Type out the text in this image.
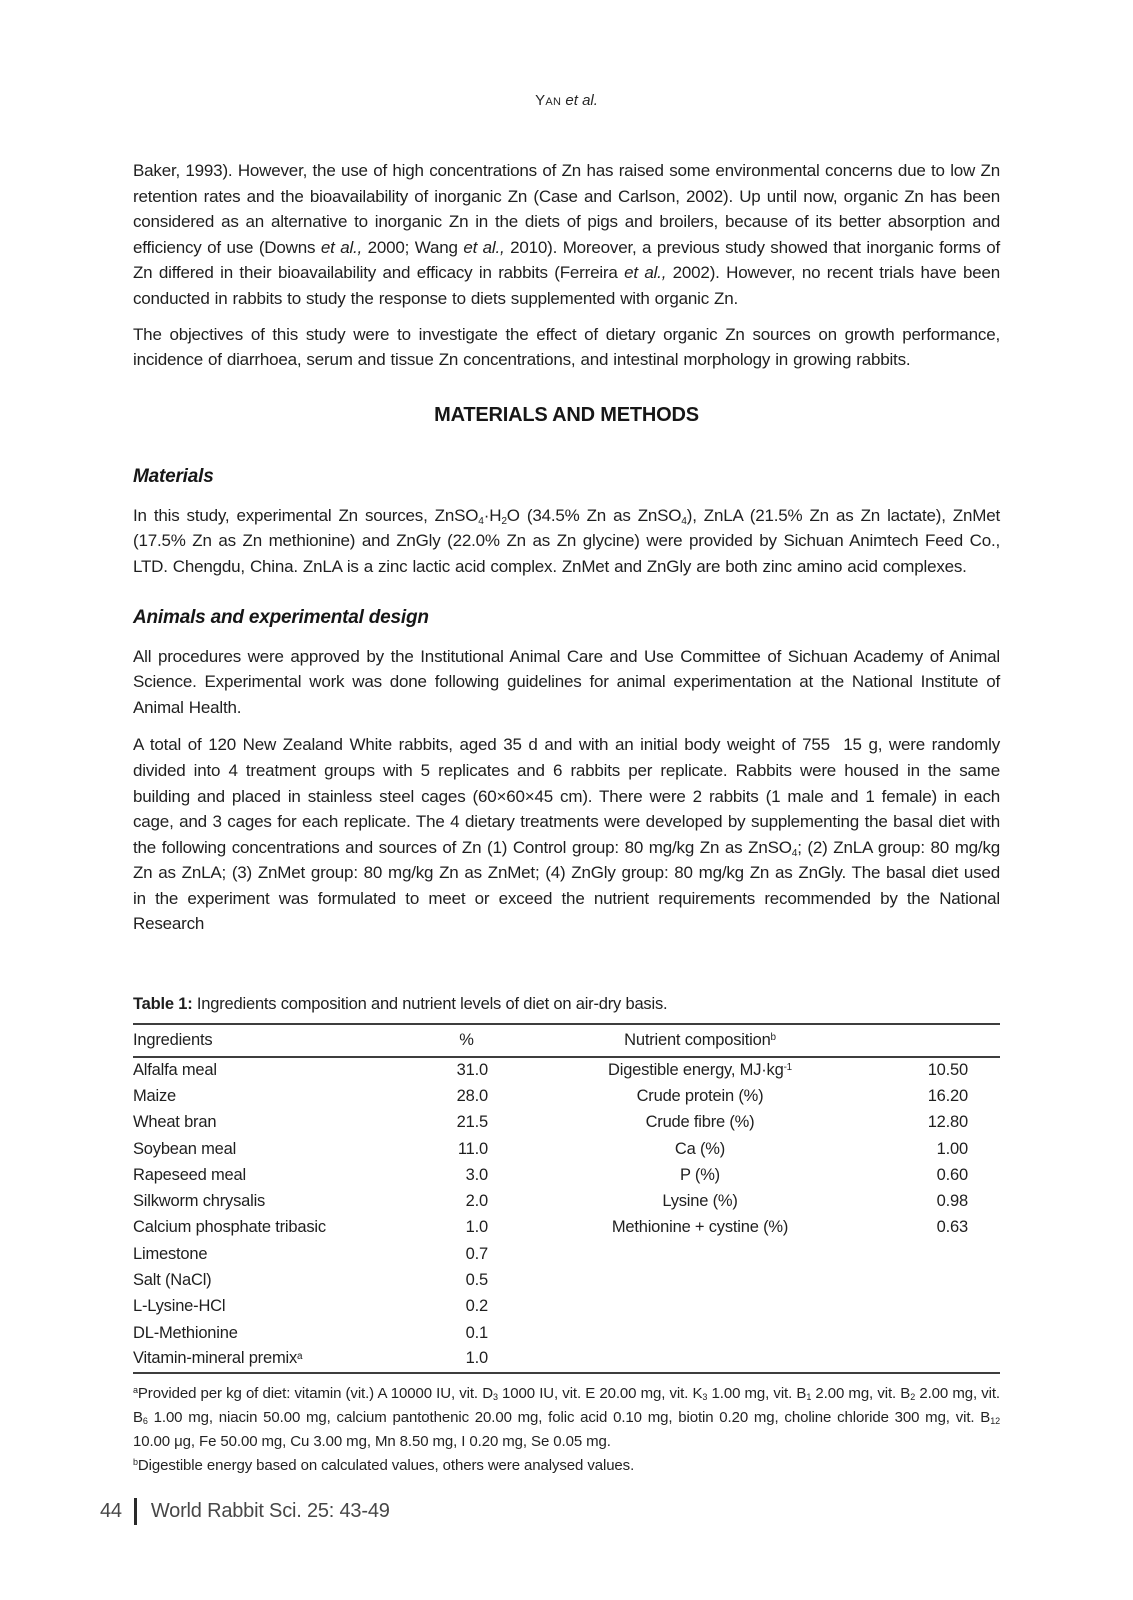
Yan et al.

Baker, 1993). However, the use of high concentrations of Zn has raised some environmental concerns due to low Zn retention rates and the bioavailability of inorganic Zn (Case and Carlson, 2002). Up until now, organic Zn has been considered as an alternative to inorganic Zn in the diets of pigs and broilers, because of its better absorption and efficiency of use (Downs et al., 2000; Wang et al., 2010). Moreover, a previous study showed that inorganic forms of Zn differed in their bioavailability and efficacy in rabbits (Ferreira et al., 2002). However, no recent trials have been conducted in rabbits to study the response to diets supplemented with organic Zn.

The objectives of this study were to investigate the effect of dietary organic Zn sources on growth performance, incidence of diarrhoea, serum and tissue Zn concentrations, and intestinal morphology in growing rabbits.

MATERIALS AND METHODS
Materials

In this study, experimental Zn sources, $ZnSO_4\cdot H_2O$ (34.5% Zn as ZnSO$_4$), ZnLA (21.5% Zn as Zn lactate), ZnMet (17.5% Zn as Zn methionine) and ZnGly (22.0% Zn as Zn glycine) were provided by Sichuan Animtech Feed Co., LTD. Chengdu, China. ZnLA is a zinc lactic acid complex. ZnMet and ZnGly are both zinc amino acid complexes.

Animals and experimental design

All procedures were approved by the Institutional Animal Care and Use Committee of Sichuan Academy of Animal Science. Experimental work was done following guidelines for animal experimentation at the National Institute of Animal Health.

A total of 120 New Zealand White rabbits, aged 35 d and with an initial body weight of 755  15 g, were randomly divided into 4 treatment groups with 5 replicates and 6 rabbits per replicate. Rabbits were housed in the same building and placed in stainless steel cages (60×60×45 cm). There were 2 rabbits (1 male and 1 female) in each cage, and 3 cages for each replicate. The 4 dietary treatments were developed by supplementing the basal diet with the following concentrations and sources of Zn (1) Control group: 80 mg/kg Zn as ZnSO$_4$; (2) ZnLA group: 80 mg/kg Zn as ZnLA; (3) ZnMet group: 80 mg/kg Zn as ZnMet; (4) ZnGly group: 80 mg/kg Zn as ZnGly. The basal diet used in the experiment was formulated to meet or exceed the nutrient requirements recommended by the National Research

Table 1: Ingredients composition and nutrient levels of diet on air-dry basis.
Ingredients	%	Nutrient composition$^b$	
Alfalfa meal	31.0	Digestible energy, $MJ\cdot kg^{-1}$	10.50
Maize	28.0	Crude protein (%)	16.20
Wheat bran	21.5	Crude fibre (%)	12.80
Soybean meal	11.0	Ca (%)	1.00
Rapeseed meal	3.0	P (%)	0.60
Silkworm chrysalis	2.0	Lysine (%)	0.98
Calcium phosphate tribasic	1.0	Methionine + cystine (%)	0.63
Limestone	0.7		
Salt (NaCl)	0.5		
L-Lysine-HCl	0.2		
DL-Methionine	0.1		
Vitamin-mineral premix$^a$	1.0		

$^a$Provided per kg of diet: vitamin (vit.) A 10000 IU, vit. $D_3$ 1000 IU, vit. E 20.00 mg, vit. $K_3$ 1.00 mg, vit. $B_1$ 2.00 mg, vit. $B_2$ 2.00 mg, vit. $B_6$ 1.00 mg, niacin 50.00 mg, calcium pantothenic 20.00 mg, folic acid 0.10 mg, biotin 0.20 mg, choline chloride 300 mg, vit. $B_{12}$ 10.00 μg, Fe 50.00 mg, Cu 3.00 mg, Mn 8.50 mg, I 0.20 mg, Se 0.05 mg.

$^b$Digestible energy based on calculated values, others were analysed values.

44 World Rabbit Sci. 25: 43-49
